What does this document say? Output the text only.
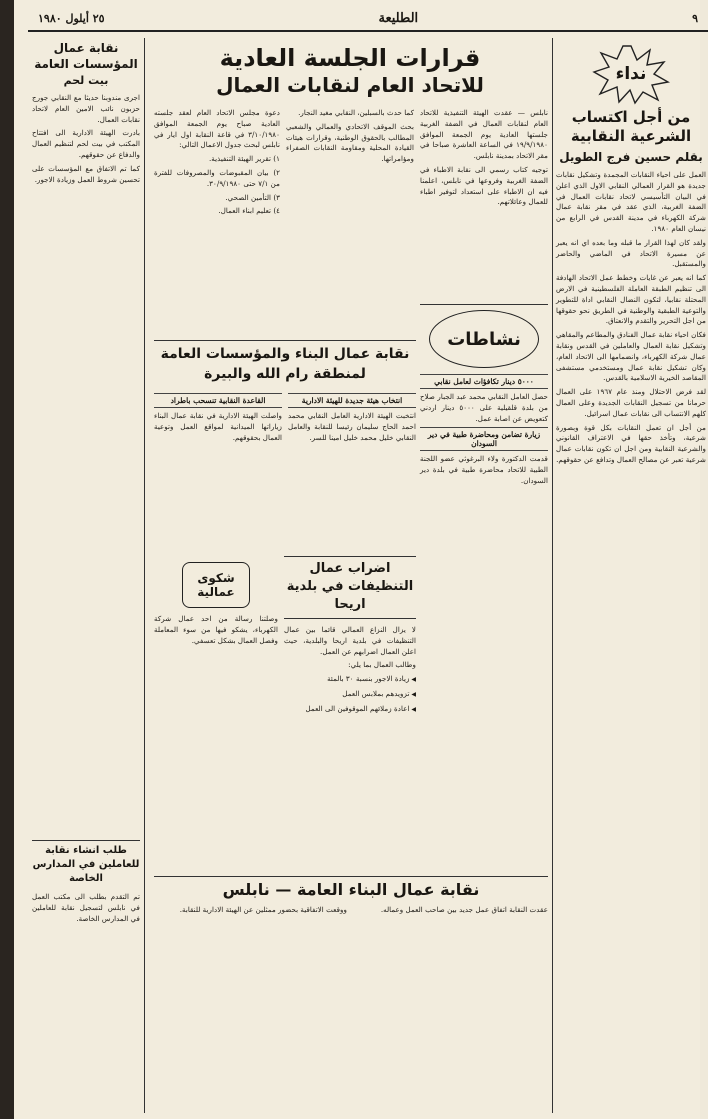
٩
الطليعة
٢٥ أيلول ١٩٨٠
نداء
من أجل اكتساب الشرعية النقابية
بقلم حسين فرج الطويل

العمل على احياء النقابات المجمدة وتشكيل نقابات جديدة هو القرار العمالي النقابي الاول الذي اعلن في البيان التأسيسي لاتحاد نقابات العمال في الضفة الغربية، الذي عقد في مقر نقابة عمال شركة الكهرباء في مدينة القدس في الرابع من نيسان العام ١٩٨٠.

ولقد كان لهذا القرار ما قبله وما بعده اي انه يعبر عن مسيرة الاتحاد في الماضي والحاضر والمستقبل.

كما انه يعبر عن غايات وخطط عمل الاتحاد الهادفة الى تنظيم الطبقة العاملة الفلسطينية في الارض المحتلة نقابيا، لتكون النضال النقابي اداة للتطوير والتوعية الطبقية والوطنية في الطريق نحو حقوقها من اجل التحرير والتقدم والانعتاق.

فكان احياء نقابة عمال الفنادق والمطاعم والمقاهي وتشكيل نقابة العمال والعاملين في القدس ونقابة عمال شركة الكهرباء، وانضمامها الى الاتحاد العام، وكان تشكيل نقابة عمال ومستخدمي مستشفى المقاصد الخيرية الاسلامية بالقدس.

لقد فرض الاحتلال ومنذ عام ١٩٦٧ على العمال حرمانا من تسجيل النقابات الجديدة وعلى العمال كلهم الانتساب الى نقابات عمال اسرائيل.

من أجل ان تعمل النقابات بكل قوة وبصورة شرعية، وتأخذ حقها في الاعتراف القانوني والشرعية النقابية ومن اجل ان تكون نقابات عمال شرعية تعبر عن مصالح العمال وتدافع عن حقوقهم.

قرارات الجلسة العادية
للاتحاد العام لنقابات العمال

نابلس — عقدت الهيئة التنفيذية للاتحاد العام لنقابات العمال في الضفة الغربية جلستها العادية يوم الجمعة الموافق ١٩/٩/١٩٨٠ في الساعة العاشرة صباحا في مقر الاتحاد بمدينة نابلس.

توجيه كتاب رسمي الى نقابة الاطباء في الضفة الغربية وفروعها في نابلس، اعلمنا فيه ان الاطباء على استعداد لتوفير اطباء للعمال وعائلاتهم.

كما حدث بالسبلين، النقابي مغيد النجار.

بحث الموقف الاتحادي والعمالي والشعبي المطالب بالحقوق الوطنية، وقرارات هيئات القيادة المحلية ومقاومة النقابات الصفراء ومؤامراتها.

دعوة مجلس الاتحاد العام لعقد جلسته العادية صباح يوم الجمعة الموافق ٣/١٠/١٩٨٠ في قاعة النقابة اول ايار في نابلس لبحث جدول الاعمال التالي:

١) تقرير الهيئة التنفيذية.

٢) بيان المقبوضات والمصروفات للفترة من ٧/١ حتى ٣٠/٩/١٩٨٠.

٣) التأمين الصحي.

٤) تعليم ابناء العمال.

نشاطات
٥٠٠٠ دينار تكافؤات لعامل نقابي

حصل العامل النقابي محمد عبد الجبار صلاح من بلدة قلقيلية على ٥٠٠٠ دينار اردني كتعويض عن اصابة عمل.

زيارة تضامن ومحاضرة طبية في دير السودان

قدمت الدكتورة ولاء البرغوثي عضو اللجنة الطبية للاتحاد محاضرة طبية في بلدة دير السودان.

نقابة عمال البناء والمؤسسات العامة لمنطقة رام الله والبيرة
انتخاب هيئة جديدة للهيئة الادارية

انتخبت الهيئة الادارية العامل النقابي محمد احمد الحاج سليمان رئيسا للنقابة والعامل النقابي خليل محمد خليل امينا للسر.

القاعدة النقابية تنسحب باطراد

واصلت الهيئة الادارية في نقابة عمال البناء زياراتها الميدانية لمواقع العمل وتوعية العمال بحقوقهم.

اضراب عمال التنظيفات في بلدية اريحا

لا يزال النزاع العمالي قائما بين عمال التنظيفات في بلدية اريحا والبلدية، حيث اعلن العمال اضرابهم عن العمل.

وطالب العمال بما يلي:

◀ زيادة الاجور بنسبة ٣٠ بالمئة

◀ تزويدهم بملابس العمل

◀ اعادة زملائهم الموقوفين الى العمل

شكوى عمالية

وصلتنا رسالة من احد عمال شركة الكهرباء، يشكو فيها من سوء المعاملة وفصل العمال بشكل تعسفي.

نقابة عمال البناء العامة — نابلس

عقدت النقابة اتفاق عمل جديد بين صاحب العمل وعماله.

ووقعت الاتفاقية بحضور ممثلين عن الهيئة الادارية للنقابة.

نقابة عمال المؤسسات العامة
بيت لحم

اجرى مندوبنا حديثا مع النقابي جورج حزبون نائب الامين العام لاتحاد نقابات العمال.

بادرت الهيئة الادارية الى افتتاح المكتب في بيت لحم لتنظيم العمال والدفاع عن حقوقهم.

كما تم الاتفاق مع المؤسسات على تحسين شروط العمل وزيادة الاجور.

طلب انشاء نقابة للعاملين في المدارس الخاصة

تم التقدم بطلب الى مكتب العمل في نابلس لتسجيل نقابة للعاملين في المدارس الخاصة.
